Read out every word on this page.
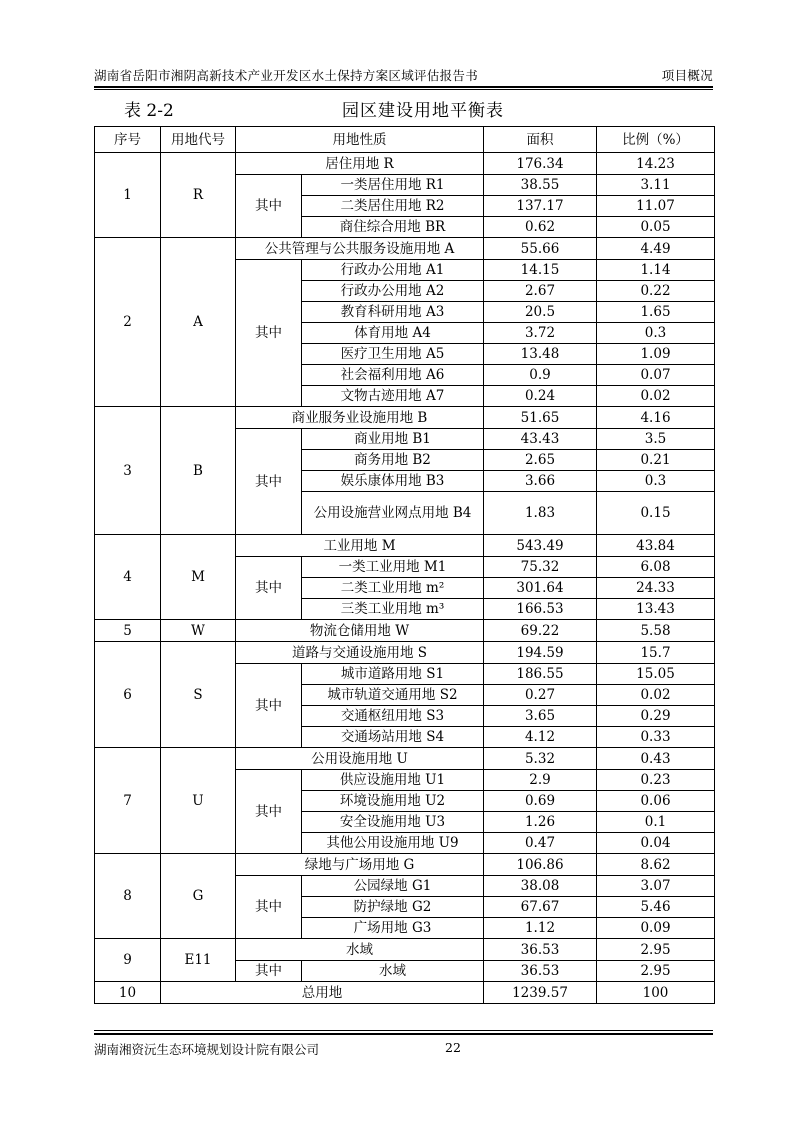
湖南省岳阳市湘阴高新技术产业开发区水土保持方案区域评估报告书	项目概况
表 2-2	园区建设用地平衡表
序号	用地代号	用地性质		面积	比例（%）
1	R	居住用地 R		176.34	14.23
		其中	一类居住用地 R1	38.55	3.11
			二类居住用地 R2	137.17	11.07
			商住综合用地 BR	0.62	0.05
2	A	公共管理与公共服务设施用地 A		55.66	4.49
		其中	行政办公用地 A1	14.15	1.14
			行政办公用地 A2	2.67	0.22
			教育科研用地 A3	20.5	1.65
			体育用地 A4	3.72	0.3
			医疗卫生用地 A5	13.48	1.09
			社会福利用地 A6	0.9	0.07
			文物古迹用地 A7	0.24	0.02
3	B	商业服务业设施用地 B		51.65	4.16
		其中	商业用地 B1	43.43	3.5
			商务用地 B2	2.65	0.21
			娱乐康体用地 B3	3.66	0.3
			公用设施营业网点用地 B4	1.83	0.15
4	M	工业用地 M		543.49	43.84
		其中	一类工业用地 M1	75.32	6.08
			二类工业用地 m²	301.64	24.33
			三类工业用地 m³	166.53	13.43
5	W	物流仓储用地 W		69.22	5.58
6	S	道路与交通设施用地 S		194.59	15.7
		其中	城市道路用地 S1	186.55	15.05
			城市轨道交通用地 S2	0.27	0.02
			交通枢纽用地 S3	3.65	0.29
			交通场站用地 S4	4.12	0.33
7	U	公用设施用地 U		5.32	0.43
		其中	供应设施用地 U1	2.9	0.23
			环境设施用地 U2	0.69	0.06
			安全设施用地 U3	1.26	0.1
			其他公用设施用地 U9	0.47	0.04
8	G	绿地与广场用地 G		106.86	8.62
		其中	公园绿地 G1	38.08	3.07
			防护绿地 G2	67.67	5.46
			广场用地 G3	1.12	0.09
9	E11	水域		36.53	2.95
		其中	水域	36.53	2.95
10	总用地			1239.57	100
湖南湘资沅生态环境规划设计院有限公司	22
